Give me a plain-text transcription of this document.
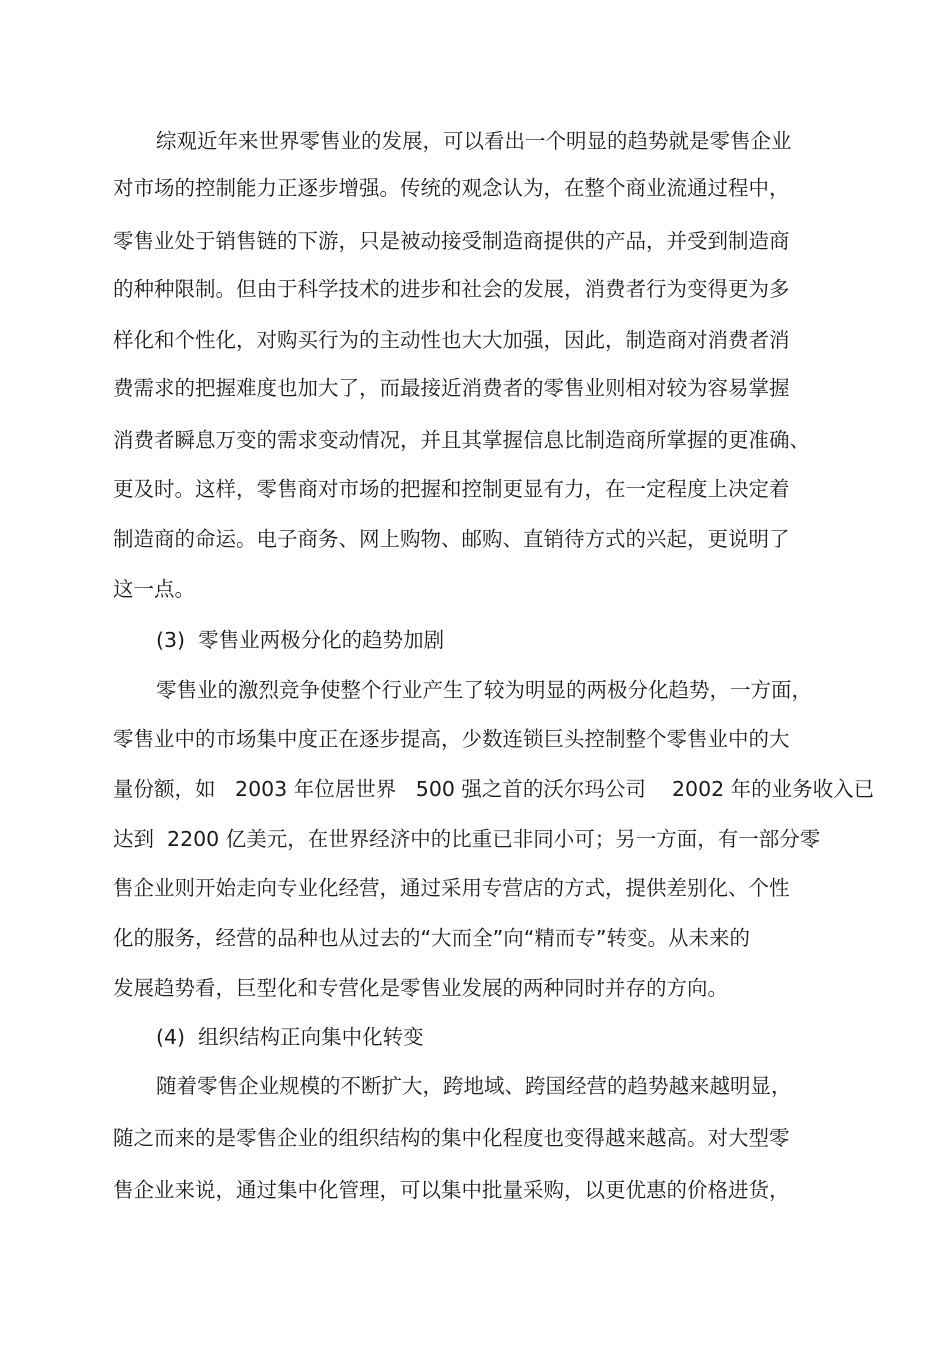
综观近年来世界零售业的发展，可以看出一个明显的趋势就是零售企业
对市场的控制能力正逐步增强。传统的观念认为，在整个商业流通过程中，
零售业处于销售链的下游，只是被动接受制造商提供的产品，并受到制造商
的种种限制。但由于科学技术的进步和社会的发展，消费者行为变得更为多
样化和个性化，对购买行为的主动性也大大加强，因此，制造商对消费者消
费需求的把握难度也加大了，而最接近消费者的零售业则相对较为容易掌握
消费者瞬息万变的需求变动情况，并且其掌握信息比制造商所掌握的更准确、
更及时。这样，零售商对市场的把握和控制更显有力，在一定程度上决定着
制造商的命运。电子商务、网上购物、邮购、直销待方式的兴起，更说明了
这一点。
(3)  零售业两极分化的趋势加剧
零售业的激烈竞争使整个行业产生了较为明显的两极分化趋势，一方面，
零售业中的市场集中度正在逐步提高，少数连锁巨头控制整个零售业中的大
量份额，如   2003 年位居世界   500 强之首的沃尔玛公司    2002 年的业务收入已
达到  2200 亿美元，在世界经济中的比重已非同小可；另一方面，有一部分零
售企业则开始走向专业化经营，通过采用专营店的方式，提供差别化、个性
化的服务，经营的品种也从过去的“大而全”向“精而专”转变。从未来的
发展趋势看，巨型化和专营化是零售业发展的两种同时并存的方向。
(4)  组织结构正向集中化转变
随着零售企业规模的不断扩大，跨地域、跨国经营的趋势越来越明显，
随之而来的是零售企业的组织结构的集中化程度也变得越来越高。对大型零
售企业来说，通过集中化管理，可以集中批量采购，以更优惠的价格进货，
